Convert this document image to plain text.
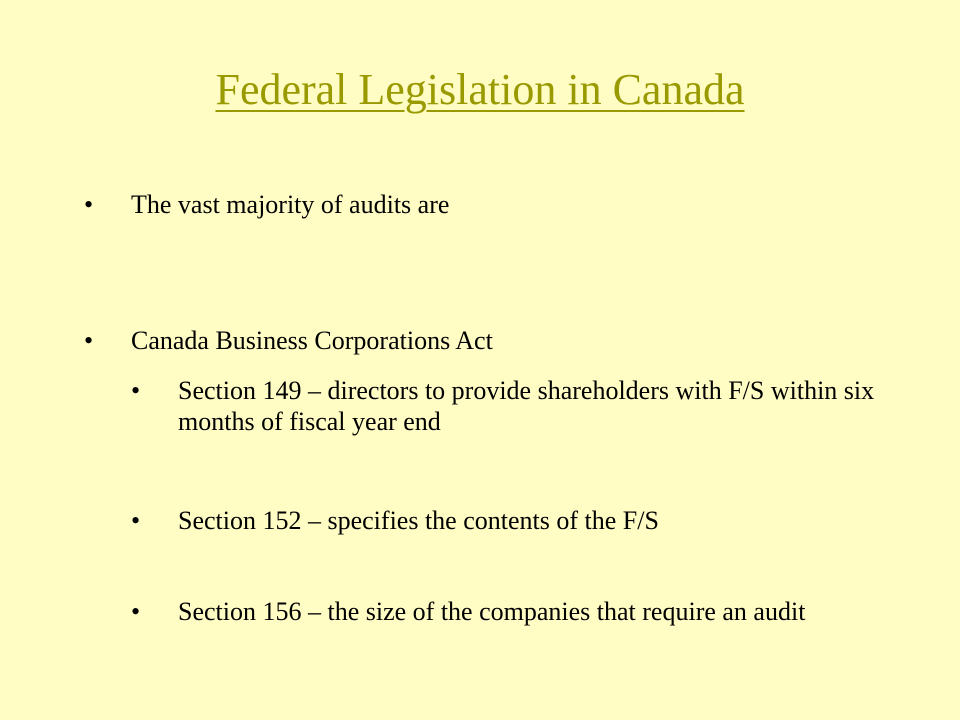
Federal Legislation in Canada
• The vast majority of audits are
• Canada Business Corporations Act
• Section 149 – directors to provide shareholders with F/S within six months of fiscal year end
• Section 152 – specifies the contents of the F/S
• Section 156 – the size of the companies that require an audit
